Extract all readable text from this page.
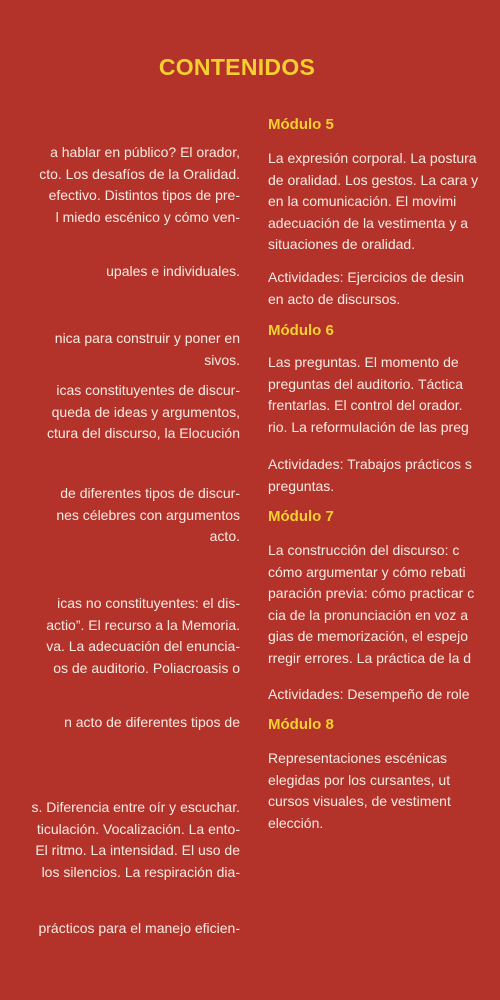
CONTENIDOS

a hablar en público? El orador,
cto. Los desafíos de la Oralidad.
efectivo. Distintos tipos de pre-
l miedo escénico y cómo ven-

upales e individuales.

nica para construir y poner en
sivos.

icas constituyentes de discur-
queda de ideas y argumentos,
ctura del discurso, la Elocución

de diferentes tipos de discur-
nes célebres con argumentos
acto.

icas no constituyentes: el dis-
actio”. El recurso a la Memoria.
va. La adecuación del enuncia-
os de auditorio. Poliacroasis o

n acto de diferentes tipos de

s. Diferencia entre oír y escuchar.
ticulación. Vocalización. La ento-
El ritmo. La intensidad. El uso de
los silencios. La respiración dia-

prácticos para el manejo eficien-

Módulo 5

La expresión corporal. La postura
de oralidad. Los gestos. La cara y
en la comunicación. El movimi
adecuación de la vestimenta y a
situaciones de oralidad.

Actividades: Ejercicios de desin
en acto de discursos.

Módulo 6

Las preguntas. El momento de
preguntas del auditorio. Táctica
frentarlas. El control del orador.
rio. La reformulación de las preg

Actividades: Trabajos prácticos s
preguntas.

Módulo 7

La construcción del discurso: c
cómo argumentar y cómo rebati
paración previa: cómo practicar c
cia de la pronunciación en voz a
gias de memorización, el espejo
rregir errores. La práctica de la d

Actividades: Desempeño de role

Módulo 8

Representaciones escénicas
elegidas por los cursantes, ut
cursos visuales, de vestiment
elección.
